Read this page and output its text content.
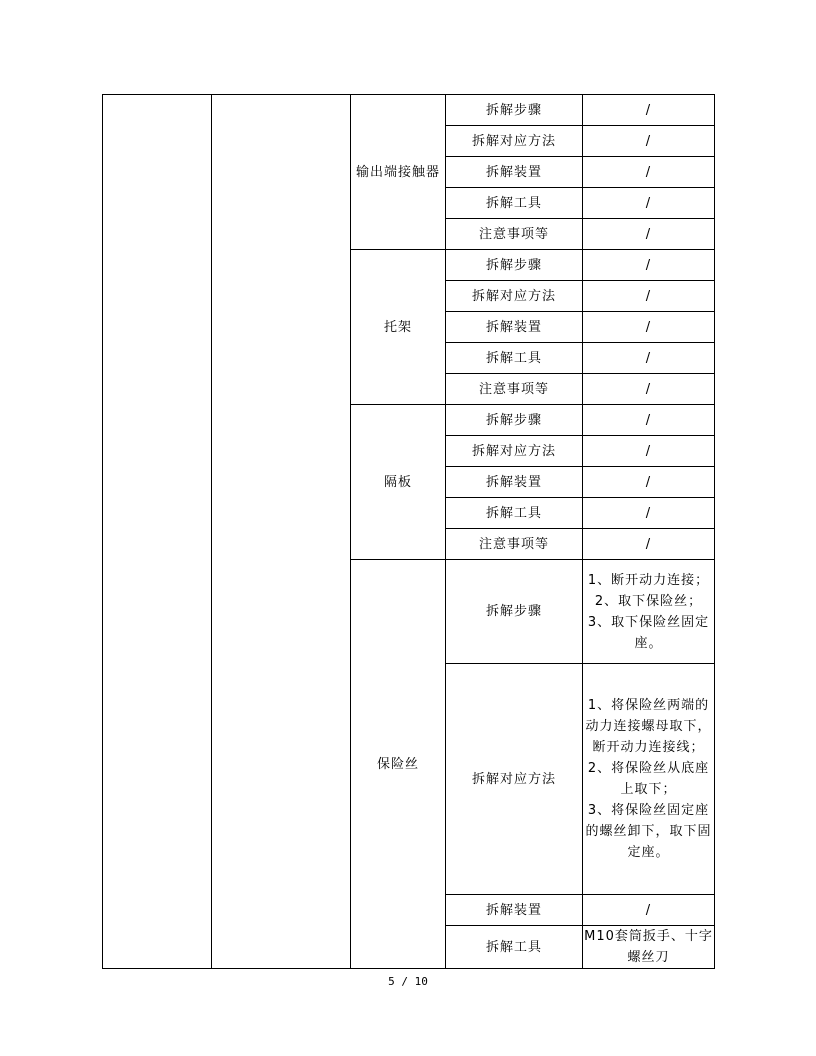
		输出端接触器	拆解步骤	/
			拆解对应方法	/
			拆解装置	/
			拆解工具	/
			注意事项等	/
		托架	拆解步骤	/
			拆解对应方法	/
			拆解装置	/
			拆解工具	/
			注意事项等	/
		隔板	拆解步骤	/
			拆解对应方法	/
			拆解装置	/
			拆解工具	/
			注意事项等	/
		保险丝	拆解步骤	1、断开动力连接；
2、取下保险丝；
3、取下保险丝固定座。
			拆解对应方法	1、将保险丝两端的动力连接螺母取下，断开动力连接线；
2、将保险丝从底座上取下；
3、将保险丝固定座的螺丝卸下，取下固定座。
			拆解装置	/
			拆解工具	M10套筒扳手、十字螺丝刀
5 / 10
